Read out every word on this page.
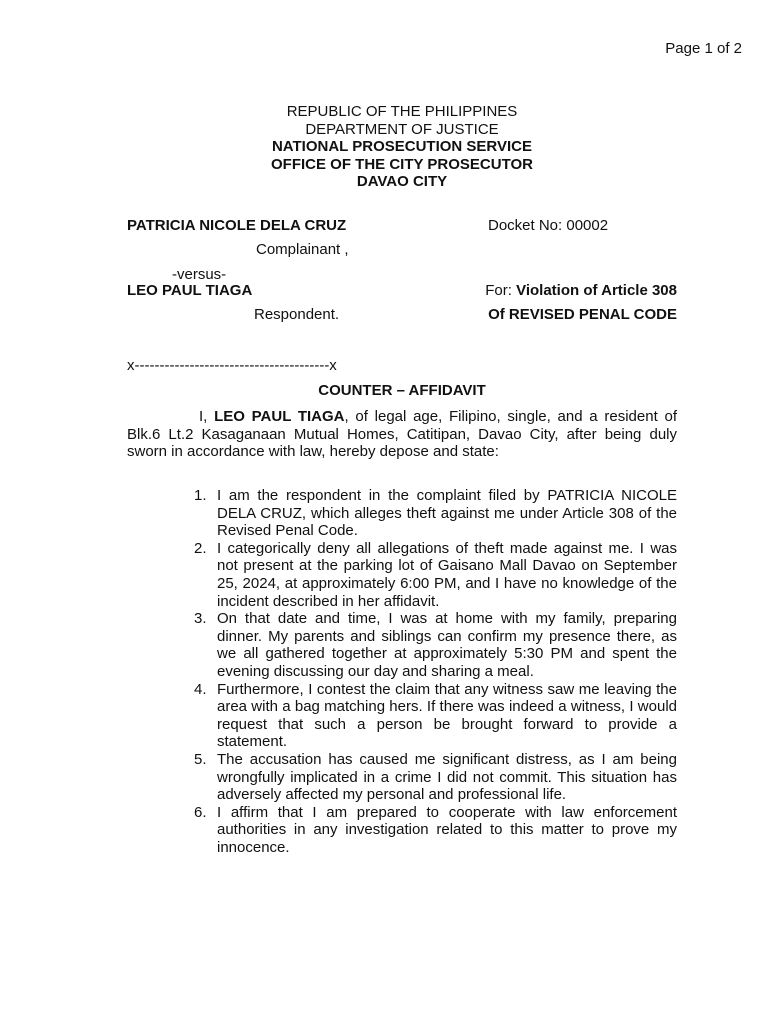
Page 1 of 2
REPUBLIC OF THE PHILIPPINES
DEPARTMENT OF JUSTICE
NATIONAL PROSECUTION SERVICE
OFFICE OF THE CITY PROSECUTOR
DAVAO CITY
PATRICIA NICOLE DELA CRUZ	Docket No: 00002
Complainant ,
-versus-
LEO PAUL TIAGA	For: Violation of Article 308
Respondent.	Of REVISED PENAL CODE
x---------------------------------------x
COUNTER – AFFIDAVIT

I, LEO PAUL TIAGA, of legal age, Filipino, single, and a resident of Blk.6 Lt.2 Kasaganaan Mutual Homes, Catitipan, Davao City, after being duly sworn in accordance with law, hereby depose and state:

1. I am the respondent in the complaint filed by PATRICIA NICOLE DELA CRUZ, which alleges theft against me under Article 308 of the Revised Penal Code.
2. I categorically deny all allegations of theft made against me. I was not present at the parking lot of Gaisano Mall Davao on September 25, 2024, at approximately 6:00 PM, and I have no knowledge of the incident described in her affidavit.
3. On that date and time, I was at home with my family, preparing dinner. My parents and siblings can confirm my presence there, as we all gathered together at approximately 5:30 PM and spent the evening discussing our day and sharing a meal.
4. Furthermore, I contest the claim that any witness saw me leaving the area with a bag matching hers. If there was indeed a witness, I would request that such a person be brought forward to provide a statement.
5. The accusation has caused me significant distress, as I am being wrongfully implicated in a crime I did not commit. This situation has adversely affected my personal and professional life.
6. I affirm that I am prepared to cooperate with law enforcement authorities in any investigation related to this matter to prove my innocence.
